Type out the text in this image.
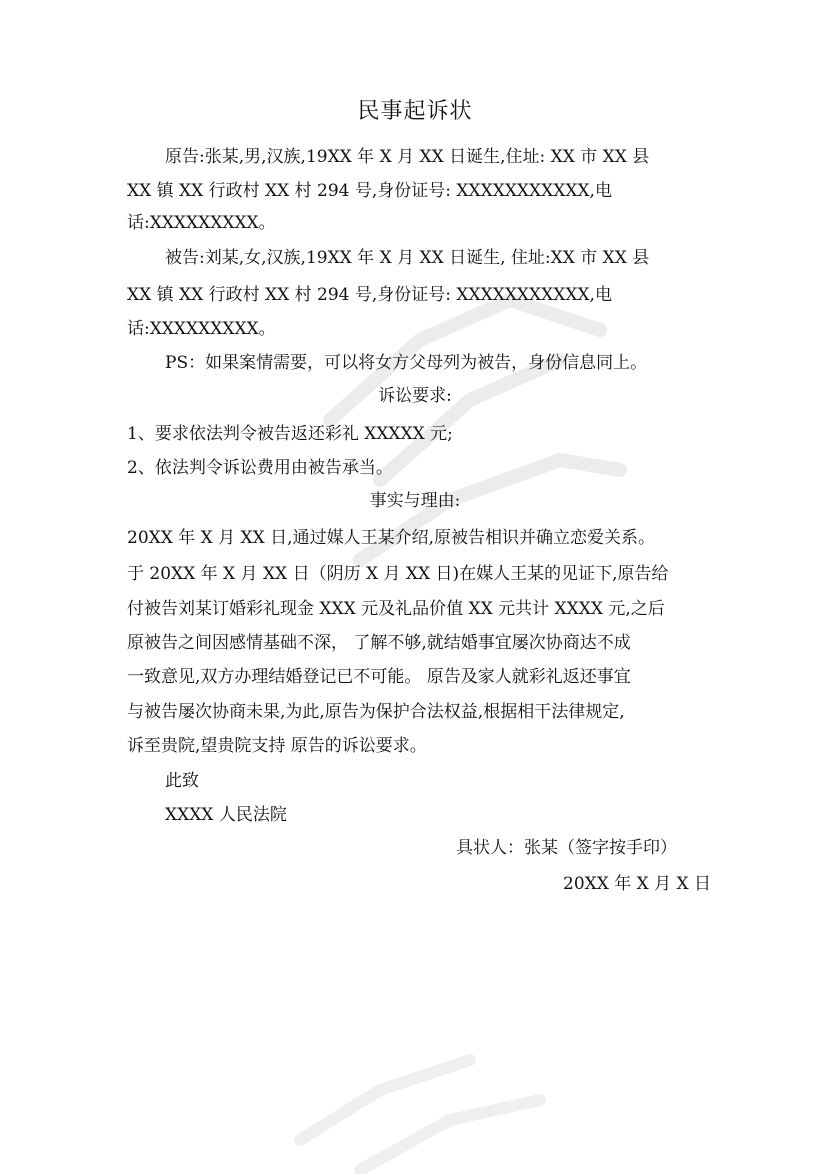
民事起诉状
原告:张某,男,汉族,19XX 年 X 月 XX 日诞生,住址: XX 市 XX 县
XX 镇 XX 行政村 XX 村 294 号,身份证号: XXXXXXXXXXX,电
话:XXXXXXXXX。
被告:刘某,女,汉族,19XX 年 X 月 XX 日诞生, 住址:XX 市 XX 县
XX 镇 XX 行政村 XX 村 294 号,身份证号: XXXXXXXXXXX,电
话:XXXXXXXXX。
PS：如果案情需要，可以将女方父母列为被告，身份信息同上。
诉讼要求:
1、要求依法判令被告返还彩礼 XXXXX 元;
2、依法判令诉讼费用由被告承当。
事实与理由:
20XX 年 X 月 XX 日,通过媒人王某介绍,原被告相识并确立恋爱关系。
于 20XX 年 X 月 XX 日（阴历 X 月 XX 日)在媒人王某的见证下,原告给
付被告刘某订婚彩礼现金 XXX 元及礼品价值 XX 元共计 XXXX 元,之后
原被告之间因感情基础不深， 了解不够,就结婚事宜屡次协商达不成
一致意见,双方办理结婚登记已不可能。 原告及家人就彩礼返还事宜
与被告屡次协商未果,为此,原告为保护合法权益,根据相干法律规定,
诉至贵院,望贵院支持 原告的诉讼要求。
此致
XXXX 人民法院
具状人：张某（签字按手印）
20XX 年 X 月 X 日
